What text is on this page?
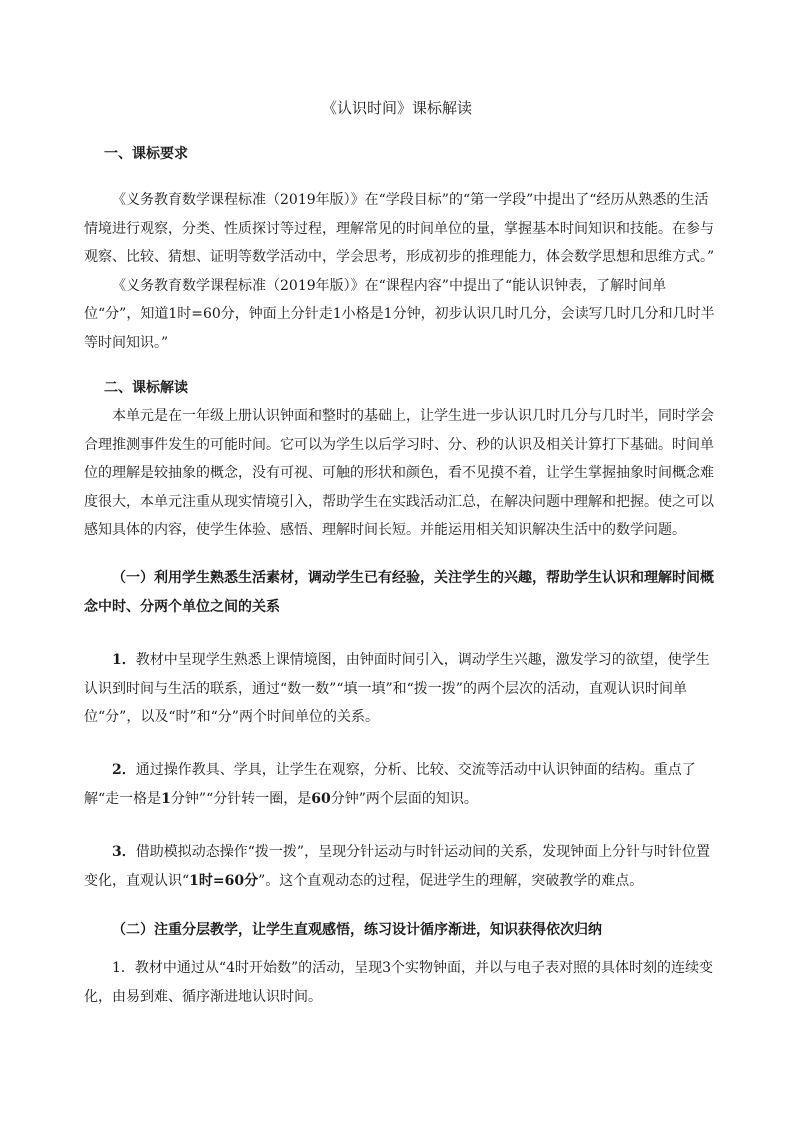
《认识时间》课标解读
一、课标要求

《义务教育数学课程标准（2019年版）》在“学段目标”的“第一学段”中提出了“经历从熟悉的生活情境进行观察，分类、性质探讨等过程，理解常见的时间单位的量，掌握基本时间知识和技能。在参与观察、比较、猜想、证明等数学活动中，学会思考，形成初步的推理能力，体会数学思想和思维方式。”

《义务教育数学课程标准（2019年版）》在“课程内容”中提出了“能认识钟表，了解时间单位“分”，知道1时=60分，钟面上分针走1小格是1分钟，初步认识几时几分，会读写几时几分和几时半等时间知识。”

二、课标解读

本单元是在一年级上册认识钟面和整时的基础上，让学生进一步认识几时几分与几时半，同时学会合理推测事件发生的可能时间。它可以为学生以后学习时、分、秒的认识及相关计算打下基础。时间单位的理解是较抽象的概念，没有可视、可触的形状和颜色，看不见摸不着，让学生掌握抽象时间概念难度很大，本单元注重从现实情境引入，帮助学生在实践活动汇总，在解决问题中理解和把握。使之可以感知具体的内容，使学生体验、感悟、理解时间长短。并能运用相关知识解决生活中的数学问题。

（一）利用学生熟悉生活素材，调动学生已有经验，关注学生的兴趣，帮助学生认识和理解时间概念中时、分两个单位之间的关系

1．教材中呈现学生熟悉上课情境图，由钟面时间引入，调动学生兴趣，激发学习的欲望，使学生认识到时间与生活的联系，通过“数一数”“填一填”和“拨一拨”的两个层次的活动，直观认识时间单位“分”，以及“时”和“分”两个时间单位的关系。

2．通过操作教具、学具，让学生在观察，分析、比较、交流等活动中认识钟面的结构。重点了解“走一格是1分钟”“分针转一圈，是60分钟”两个层面的知识。

3．借助模拟动态操作“拨一拨”，呈现分针运动与时针运动间的关系，发现钟面上分针与时针位置变化，直观认识“1时=60分”。这个直观动态的过程，促进学生的理解，突破教学的难点。

（二）注重分层教学，让学生直观感悟，练习设计循序渐进，知识获得依次归纳

1．教材中通过从“4时开始数”的活动，呈现3个实物钟面，并以与电子表对照的具体时刻的连续变化，由易到难、循序渐进地认识时间。
